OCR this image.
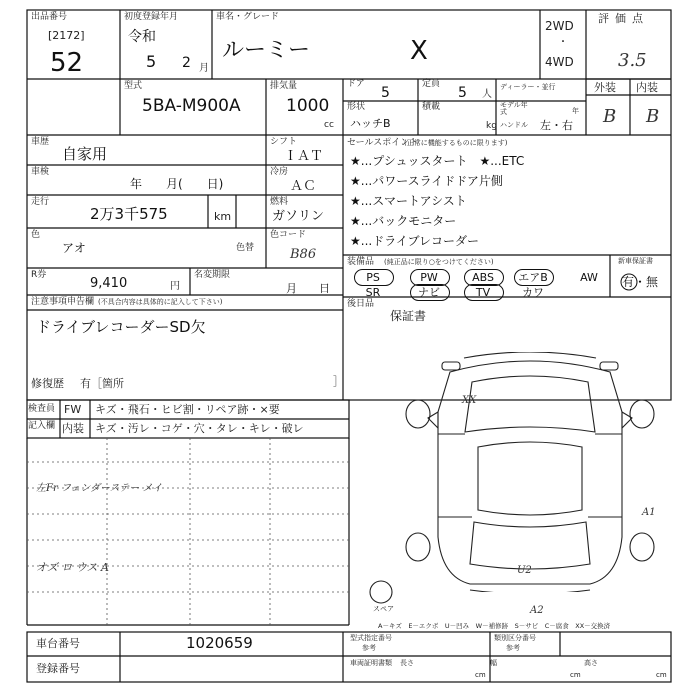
出品番号
[2172]
52
初度登録年月
令和
5 2 月
車名・グレード
ルーミー	X
2WD
・
4WD
評価点
3.5
外装 内装
B B
型式
5BA-M900A
排気量
1000
cc
ドア
5
定員
5 人
ディーラー・並行
モデル年式	年
形状
ハッチB
積載
kg ハンドル 左・右
車歴
自家用
車検
年　　月(　　日)
走行
2万3千575	km
シフト
ＩＡＴ
冷房
ＡＣ
燃料
ガソリン
色
アオ	色替
色コード
B86
R券
9,410	円
名変期限
月　　日
セールスポイント
(正常に機能するものに限ります)
★...プシュッスタート　★...ETC
★...パワースライドドア片側
★...スマートアシスト
★...バックモニター
★...ドライブレコーダー
装備品 (純正品に限り○をつけてください)
PS	PW	ABS	エアB	AW
SR	ナビ	TV	カワ
新車保証書
有・無
注意事項申告欄 (不具合内容は具体的に記入して下さい)
ドライブレコーダーSD欠
修復歴 有［箇所	］
後日品
保証書
検査員
記入欄
FW キズ・飛石・ヒビ割・リペア跡・×要
内装 キズ・汚レ・コゲ・穴・タレ・キレ・破レ
左Fr フェンダーステー メイ
オズ ロ ウス A
スペア
XX
A1
U2
A2
A－キズ　E－エクボ　U－凹み　W－補修跡　S－サビ　C－腐食　XX－交換済
車台番号	1020659
登録番号
型式指定番号
参考
類別区分番号
参考
車両証明書類 長さ	幅	高さ
cm	cm	cm
